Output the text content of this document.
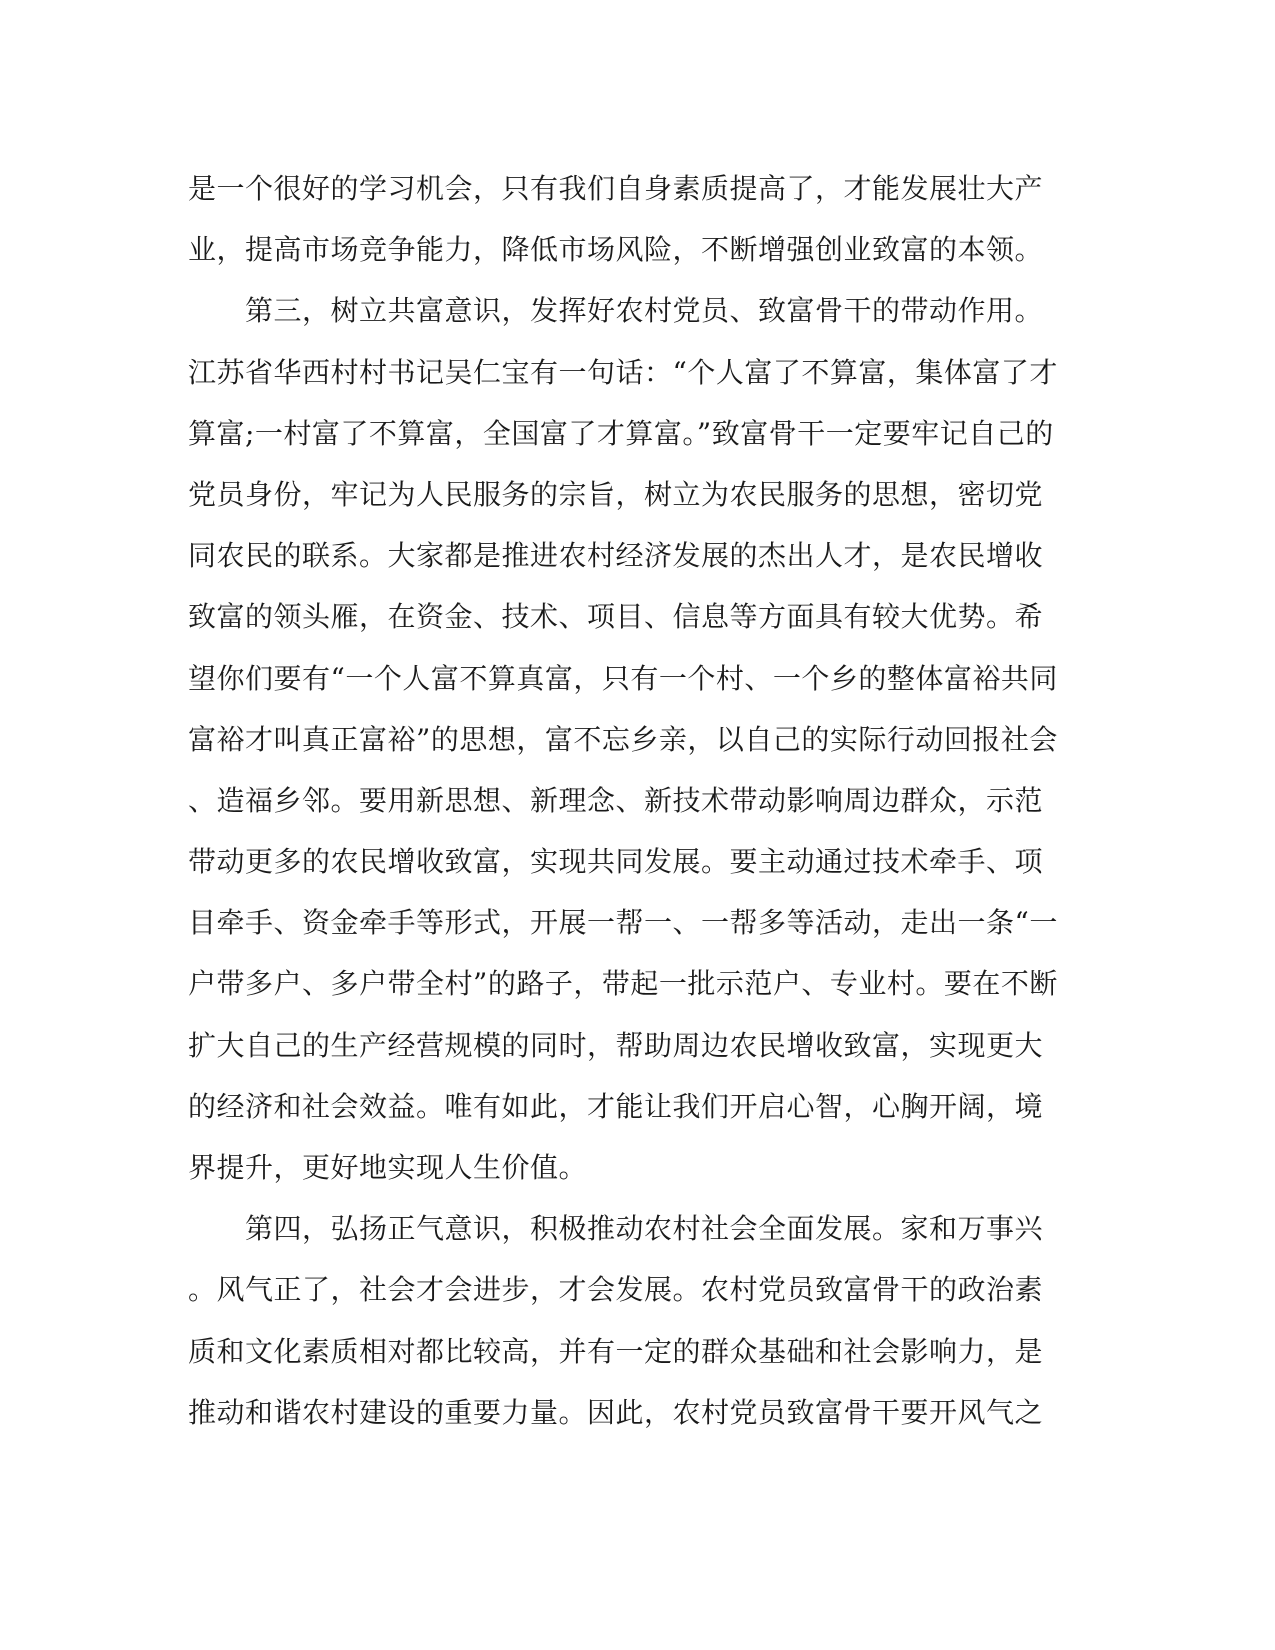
是一个很好的学习机会，只有我们自身素质提高了，才能发展壮大产
业，提高市场竞争能力，降低市场风险，不断增强创业致富的本领。
　　第三，树立共富意识，发挥好农村党员、致富骨干的带动作用。
江苏省华西村村书记吴仁宝有一句话：“个人富了不算富，集体富了才
算富;一村富了不算富，全国富了才算富。”致富骨干一定要牢记自己的
党员身份，牢记为人民服务的宗旨，树立为农民服务的思想，密切党
同农民的联系。大家都是推进农村经济发展的杰出人才，是农民增收
致富的领头雁，在资金、技术、项目、信息等方面具有较大优势。希
望你们要有“一个人富不算真富，只有一个村、一个乡的整体富裕共同
富裕才叫真正富裕”的思想，富不忘乡亲，以自己的实际行动回报社会
、造福乡邻。要用新思想、新理念、新技术带动影响周边群众，示范
带动更多的农民增收致富，实现共同发展。要主动通过技术牵手、项
目牵手、资金牵手等形式，开展一帮一、一帮多等活动，走出一条“一
户带多户、多户带全村”的路子，带起一批示范户、专业村。要在不断
扩大自己的生产经营规模的同时，帮助周边农民增收致富，实现更大
的经济和社会效益。唯有如此，才能让我们开启心智，心胸开阔，境
界提升，更好地实现人生价值。
　　第四，弘扬正气意识，积极推动农村社会全面发展。家和万事兴
。风气正了，社会才会进步，才会发展。农村党员致富骨干的政治素
质和文化素质相对都比较高，并有一定的群众基础和社会影响力，是
推动和谐农村建设的重要力量。因此，农村党员致富骨干要开风气之
